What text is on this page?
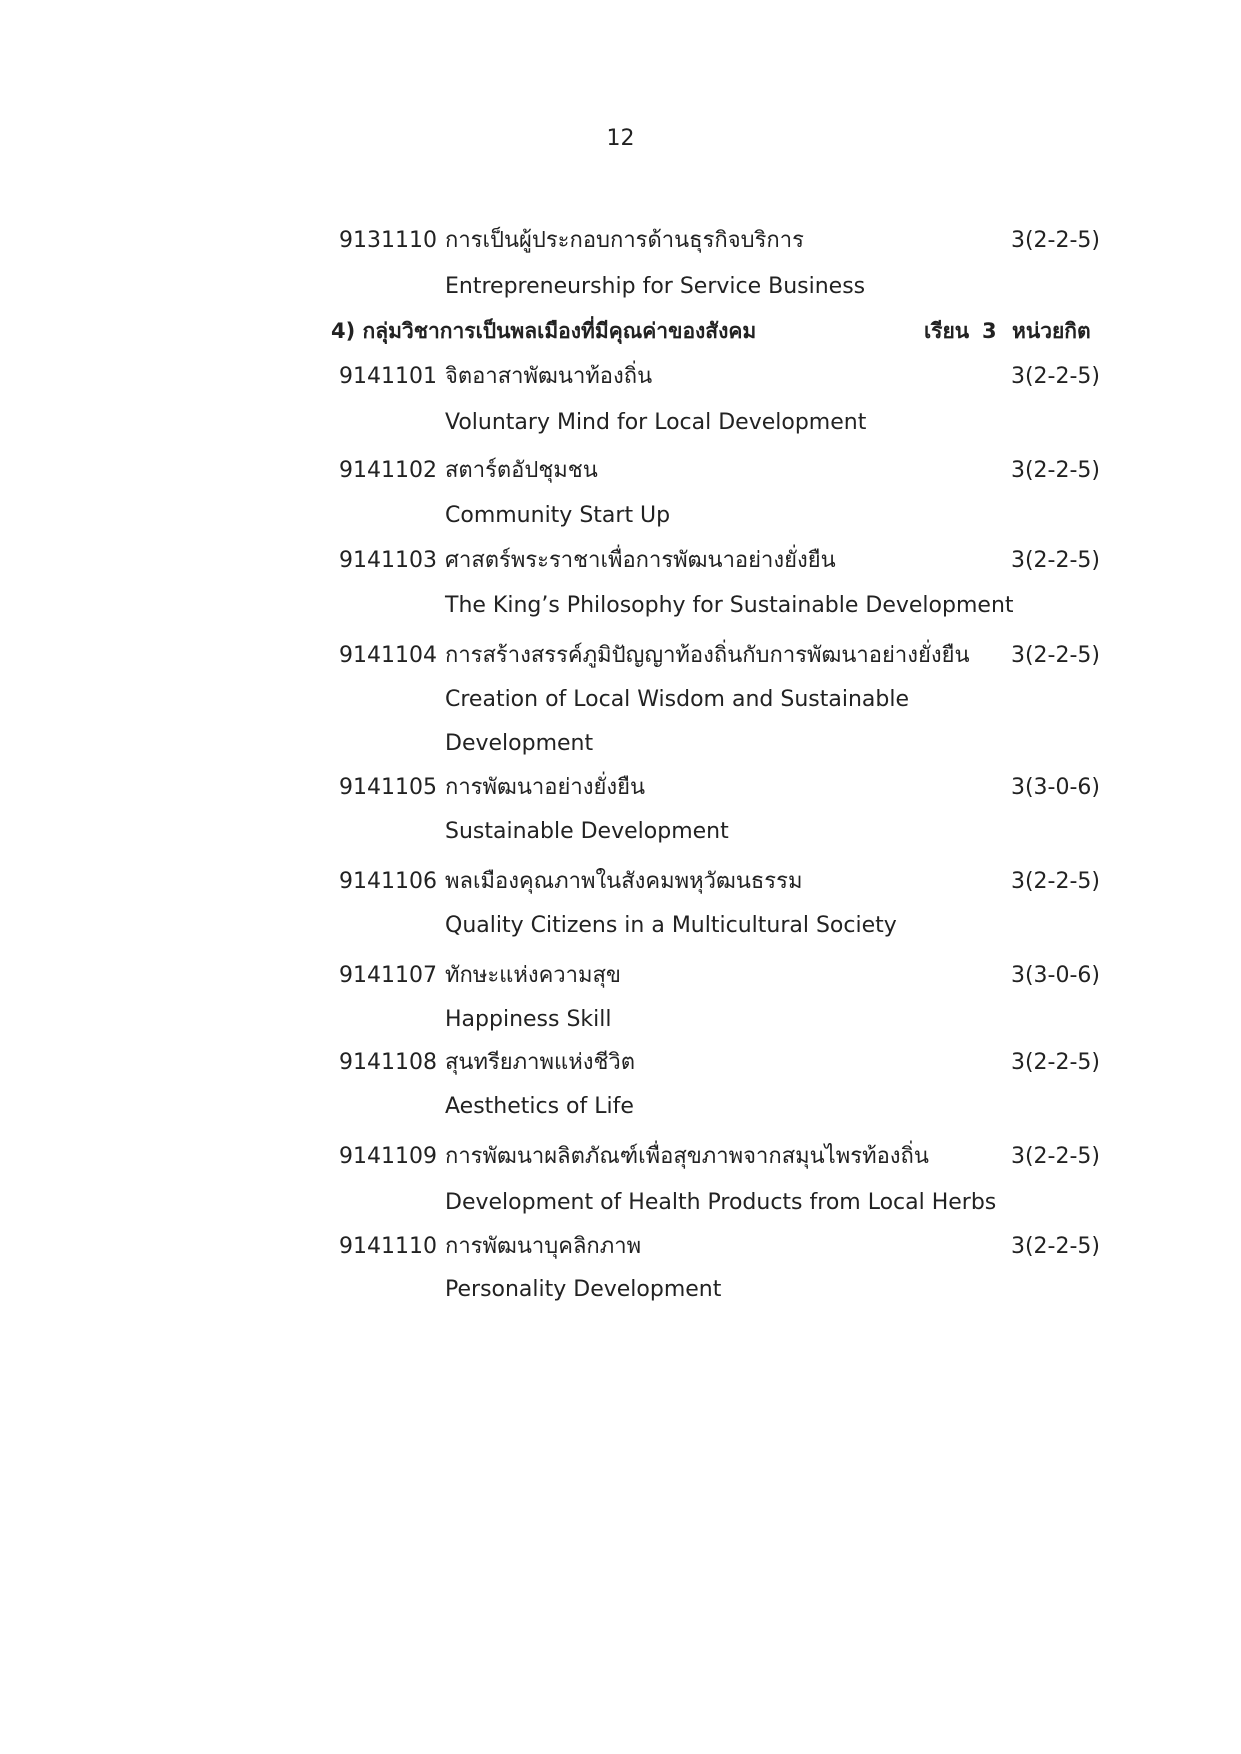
12
9131110 การเป็นผู้ประกอบการด้านธุรกิจบริการ	3(2-2-5)
Entrepreneurship for Service Business
4) กลุ่มวิชาการเป็นพลเมืองที่มีคุณค่าของสังคม	เรียน 3 หน่วยกิต
9141101 จิตอาสาพัฒนาท้องถิ่น	3(2-2-5)
Voluntary Mind for Local Development
9141102 สตาร์ตอัปชุมชน	3(2-2-5)
Community Start Up
9141103 ศาสตร์พระราชาเพื่อการพัฒนาอย่างยั่งยืน	3(2-2-5)
The King’s Philosophy for Sustainable Development
9141104 การสร้างสรรค์ภูมิปัญญาท้องถิ่นกับการพัฒนาอย่างยั่งยืน	3(2-2-5)
Creation of Local Wisdom and Sustainable
Development
9141105 การพัฒนาอย่างยั่งยืน	3(3-0-6)
Sustainable Development
9141106 พลเมืองคุณภาพในสังคมพหุวัฒนธรรม	3(2-2-5)
Quality Citizens in a Multicultural Society
9141107 ทักษะแห่งความสุข	3(3-0-6)
Happiness Skill
9141108 สุนทรียภาพแห่งชีวิต	3(2-2-5)
Aesthetics of Life
9141109 การพัฒนาผลิตภัณฑ์เพื่อสุขภาพจากสมุนไพรท้องถิ่น	3(2-2-5)
Development of Health Products from Local Herbs
9141110 การพัฒนาบุคลิกภาพ	3(2-2-5)
Personality Development
